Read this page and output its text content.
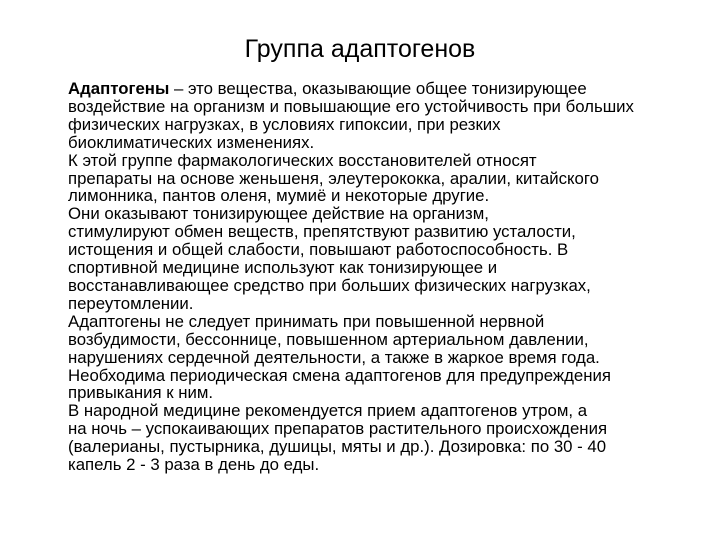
Группа адаптогенов

Адаптогены – это вещества, оказывающие общее тонизирующее
воздействие на организм и повышающие его устойчивость при больших
физических нагрузках, в условиях гипоксии, при резких
биоклиматических изменениях.

К этой группе фармакологических восстановителей относят
препараты на основе женьшеня, элеутерококка, аралии, китайского
лимонника, пантов оленя, мумиё и некоторые другие.

Они оказывают тонизирующее действие на организм,
стимулируют обмен веществ, препятствуют развитию усталости,
истощения и общей слабости, повышают работоспособность. В
спортивной медицине используют как тонизирующее и
восстанавливающее средство при больших физических нагрузках,
переутомлении.

Адаптогены не следует принимать при повышенной нервной
возбудимости, бессоннице, повышенном артериальном давлении,
нарушениях сердечной деятельности, а также в жаркое время года.
Необходима периодическая смена адаптогенов для предупреждения
привыкания к ним.

В народной медицине рекомендуется прием адаптогенов утром, а
на ночь – успокаивающих препаратов растительного происхождения
(валерианы, пустырника, душицы, мяты и др.). Дозировка: по 30 - 40
капель 2 - 3 раза в день до еды.
